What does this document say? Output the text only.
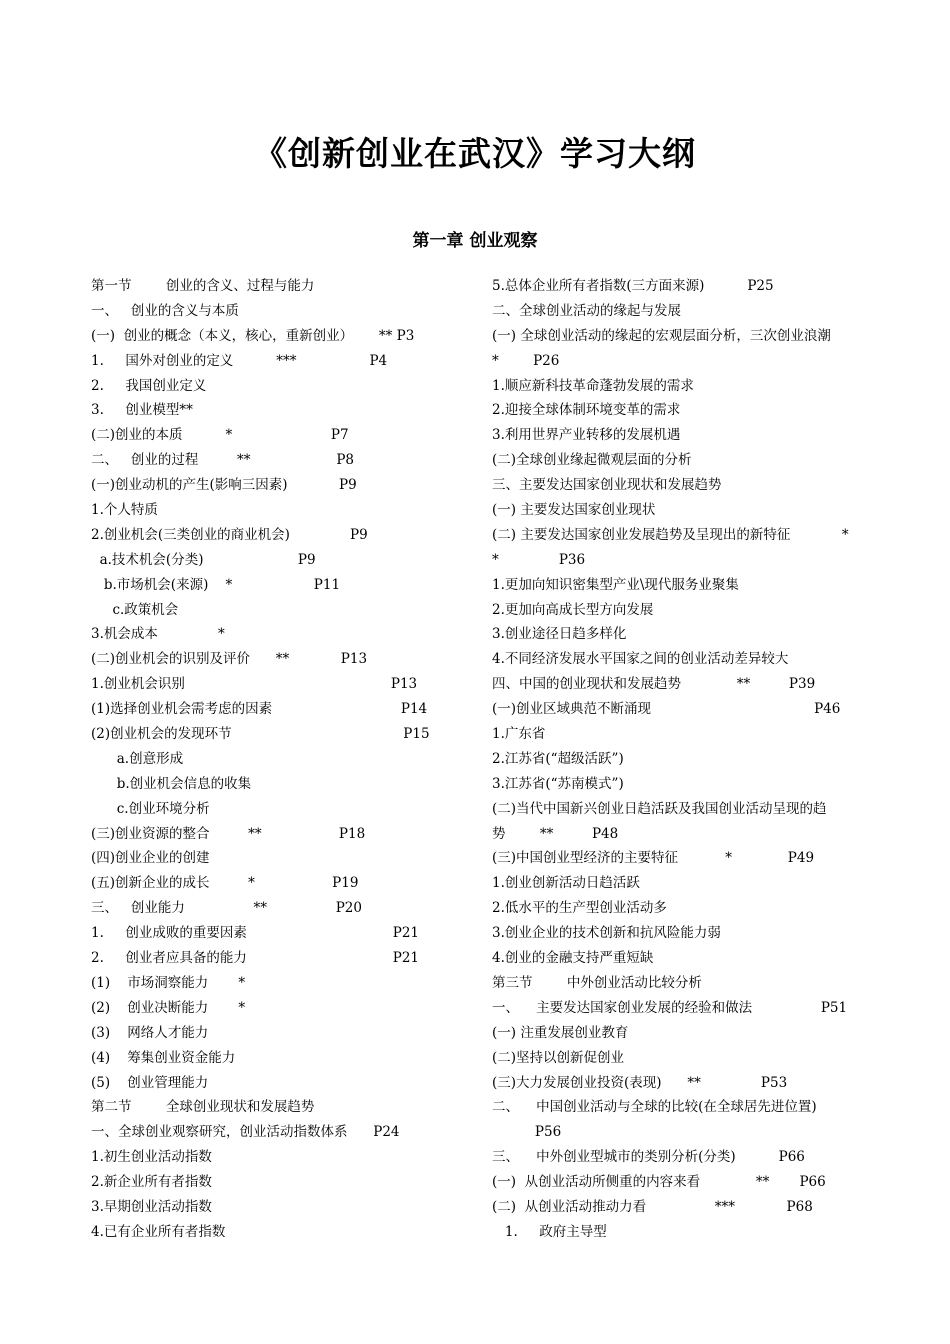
《创新创业在武汉》学习大纲
第一章 创业观察
第一节        创业的含义、过程与能力
一、   创业的含义与本质
(一)  创业的概念（本义，核心，重新创业）      ** P3
1.     国外对创业的定义          ***                 P4
2.     我国创业定义
3.     创业模型**
(二)创业的本质          *                       P7
二、   创业的过程         **                    P8
(一)创业动机的产生(影响三因素)            P9
1.个人特质
2.创业机会(三类创业的商业机会)              P9
a.技术机会(分类)                      P9
b.市场机会(来源)    *                   P11
c.政策机会
3.机会成本              *
(二)创业机会的识别及评价      **            P13
1.创业机会识别                                                P13
(1)选择创业机会需考虑的因素                              P14
(2)创业机会的发现环节                                        P15
a.创意形成
b.创业机会信息的收集
c.创业环境分析
(三)创业资源的整合         **                  P18
(四)创业企业的创建
(五)创新企业的成长         *                  P19
三、   创业能力                **                P20
1.     创业成败的重要因素                                  P21
2.     创业者应具备的能力                                  P21
(1)    市场洞察能力       *
(2)    创业决断能力       *
(3)    网络人才能力
(4)    筹集创业资金能力
(5)    创业管理能力
第二节        全球创业现状和发展趋势
一、全球创业观察研究，创业活动指数体系      P24
1.初生创业活动指数
2.新企业所有者指数
3.早期创业活动指数
4.已有企业所有者指数
5.总体企业所有者指数(三方面来源)          P25
二、全球创业活动的缘起与发展
(一) 全球创业活动的缘起的宏观层面分析，三次创业浪潮
*        P26
1.顺应新科技革命蓬勃发展的需求
2.迎接全球体制环境变革的需求
3.利用世界产业转移的发展机遇
(二)全球创业缘起微观层面的分析
三、主要发达国家创业现状和发展趋势
(一) 主要发达国家创业现状
(二) 主要发达国家创业发展趋势及呈现出的新特征            *
*              P36
1.更加向知识密集型产业\现代服务业聚集
2.更加向高成长型方向发展
3.创业途径日趋多样化
4.不同经济发展水平国家之间的创业活动差异较大
四、中国的创业现状和发展趋势             **         P39
(一)创业区域典范不断涌现                                      P46
1.广东省
2.江苏省(“超级活跃”)
3.江苏省(“苏南模式”)
(二)当代中国新兴创业日趋活跃及我国创业活动呈现的趋
势        **         P48
(三)中国创业型经济的主要特征           *             P49
1.创业创新活动日趋活跃
2.低水平的生产型创业活动多
3.创业企业的技术创新和抗风险能力弱
4.创业的金融支持严重短缺
第三节        中外创业活动比较分析
一、    主要发达国家创业发展的经验和做法                P51
(一) 注重发展创业教育
(二)坚持以创新促创业
(三)大力发展创业投资(表现)      **              P53
二、    中国创业活动与全球的比较(在全球居先进位置)
P56
三、    中外创业型城市的类别分析(分类)          P66
(一)  从创业活动所侧重的内容来看             **       P66
(二)  从创业活动推动力看                ***            P68
1.     政府主导型
